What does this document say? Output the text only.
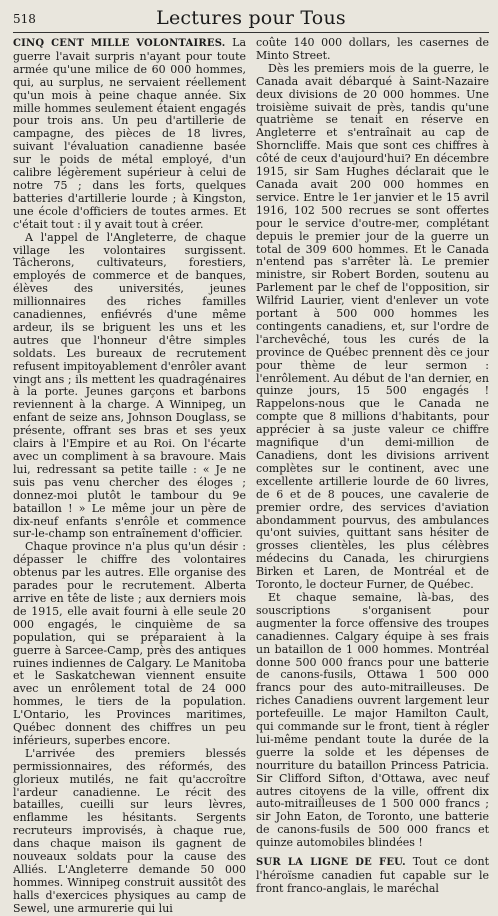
518	Lectures pour Tous

CINQ CENT MILLE VOLONTAIRES. La guerre l'avait surpris n'ayant pour toute armée qu'une milice de 60 000 hommes, qui, au surplus, ne servaient réellement qu'un mois à peine chaque année. Six mille hommes seulement étaient engagés pour trois ans. Un peu d'artillerie de campagne, des pièces de 18 livres, suivant l'évaluation canadienne basée sur le poids de métal employé, d'un calibre légèrement supérieur à celui de notre 75 ; dans les forts, quelques batteries d'artillerie lourde ; à Kingston, une école d'officiers de toutes armes. Et c'était tout : il y avait tout à créer.

A l'appel de l'Angleterre, de chaque village les volontaires surgissent. Tâcherons, cultivateurs, forestiers, employés de commerce et de banques, élèves des universités, jeunes millionnaires des riches familles canadiennes, enfiévrés d'une même ardeur, ils se briguent les uns et les autres que l'honneur d'être simples soldats. Les bureaux de recrutement refusent impitoyablement d'enrôler avant vingt ans ; ils mettent les quadragénaires à la porte. Jeunes garçons et barbons reviennent à la charge. A Winnipeg, un enfant de seize ans, Johnson Douglass, se présente, offrant ses bras et ses yeux clairs à l'Empire et au Roi. On l'écarte avec un compliment à sa bravoure. Mais lui, redressant sa petite taille : « Je ne suis pas venu chercher des éloges ; donnez-moi plutôt le tambour du 9e bataillon ! » Le même jour un père de dix-neuf enfants s'enrôle et commence sur-le-champ son entraînement d'officier.

Chaque province n'a plus qu'un désir : dépasser le chiffre des volontaires obtenus par les autres. Elle organise des parades pour le recrutement. Alberta arrive en tête de liste ; aux derniers mois de 1915, elle avait fourni à elle seule 20 000 engagés, le cinquième de sa population, qui se préparaient à la guerre à Sarcee-Camp, près des antiques ruines indiennes de Calgary. Le Manitoba et le Saskatchewan viennent ensuite avec un enrôlement total de 24 000 hommes, le tiers de la population. L'Ontario, les Provinces maritimes, Québec donnent des chiffres un peu inférieurs, superbes encore.

L'arrivée des premiers blessés permissionnaires, des réformés, des glorieux mutilés, ne fait qu'accroître l'ardeur canadienne. Le récit des batailles, cueilli sur leurs lèvres, enflamme les hésitants. Sergents recruteurs improvisés, à chaque rue, dans chaque maison ils gagnent de nouveaux soldats pour la cause des Alliés. L'Angleterre demande 50 000 hommes. Winnipeg construit aussitôt des halls d'exercices physiques au camp de Sewel, une armurerie qui lui

coûte 140 000 dollars, les casernes de Minto Street.

Dès les premiers mois de la guerre, le Canada avait débarqué à Saint-Nazaire deux divisions de 20 000 hommes. Une troisième suivait de près, tandis qu'une quatrième se tenait en réserve en Angleterre et s'entraînait au cap de Shorncliffe. Mais que sont ces chiffres à côté de ceux d'aujourd'hui? En décembre 1915, sir Sam Hughes déclarait que le Canada avait 200 000 hommes en service. Entre le 1er janvier et le 15 avril 1916, 102 500 recrues se sont offertes pour le service d'outre-mer, complétant depuis le premier jour de la guerre un total de 309 600 hommes. Et le Canada n'entend pas s'arrêter là. Le premier ministre, sir Robert Borden, soutenu au Parlement par le chef de l'opposition, sir Wilfrid Laurier, vient d'enlever un vote portant à 500 000 hommes les contingents canadiens, et, sur l'ordre de l'archevêché, tous les curés de la province de Québec prennent dès ce jour pour thème de leur sermon : l'enrôlement. Au début de l'an dernier, en quinze jours, 15 500 engagés ! Rappelons-nous que le Canada ne compte que 8 millions d'habitants, pour apprécier à sa juste valeur ce chiffre magnifique d'un demi-million de Canadiens, dont les divisions arrivent complètes sur le continent, avec une excellente artillerie lourde de 60 livres, de 6 et de 8 pouces, une cavalerie de premier ordre, des services d'aviation abondamment pourvus, des ambulances qu'ont suivies, quittant sans hésiter de grosses clientèles, les plus célèbres médecins du Canada, les chirurgiens Birken et Laren, de Montréal et de Toronto, le docteur Furner, de Québec.

Et chaque semaine, là-bas, des souscriptions s'organisent pour augmenter la force offensive des troupes canadiennes. Calgary équipe à ses frais un bataillon de 1 000 hommes. Montréal donne 500 000 francs pour une batterie de canons-fusils, Ottawa 1 500 000 francs pour des auto-mitrailleuses. De riches Canadiens ouvrent largement leur portefeuille. Le major Hamilton Cault, qui commande sur le front, tient à régler lui-même pendant toute la durée de la guerre la solde et les dépenses de nourriture du bataillon Princess Patricia. Sir Clifford Sifton, d'Ottawa, avec neuf autres citoyens de la ville, offrent dix auto-mitrailleuses de 1 500 000 francs ; sir John Eaton, de Toronto, une batterie de canons-fusils de 500 000 francs et quinze automobiles blindées !

SUR LA LIGNE DE FEU. Tout ce dont l'héroïsme canadien fut capable sur le front franco-anglais, le maréchal
